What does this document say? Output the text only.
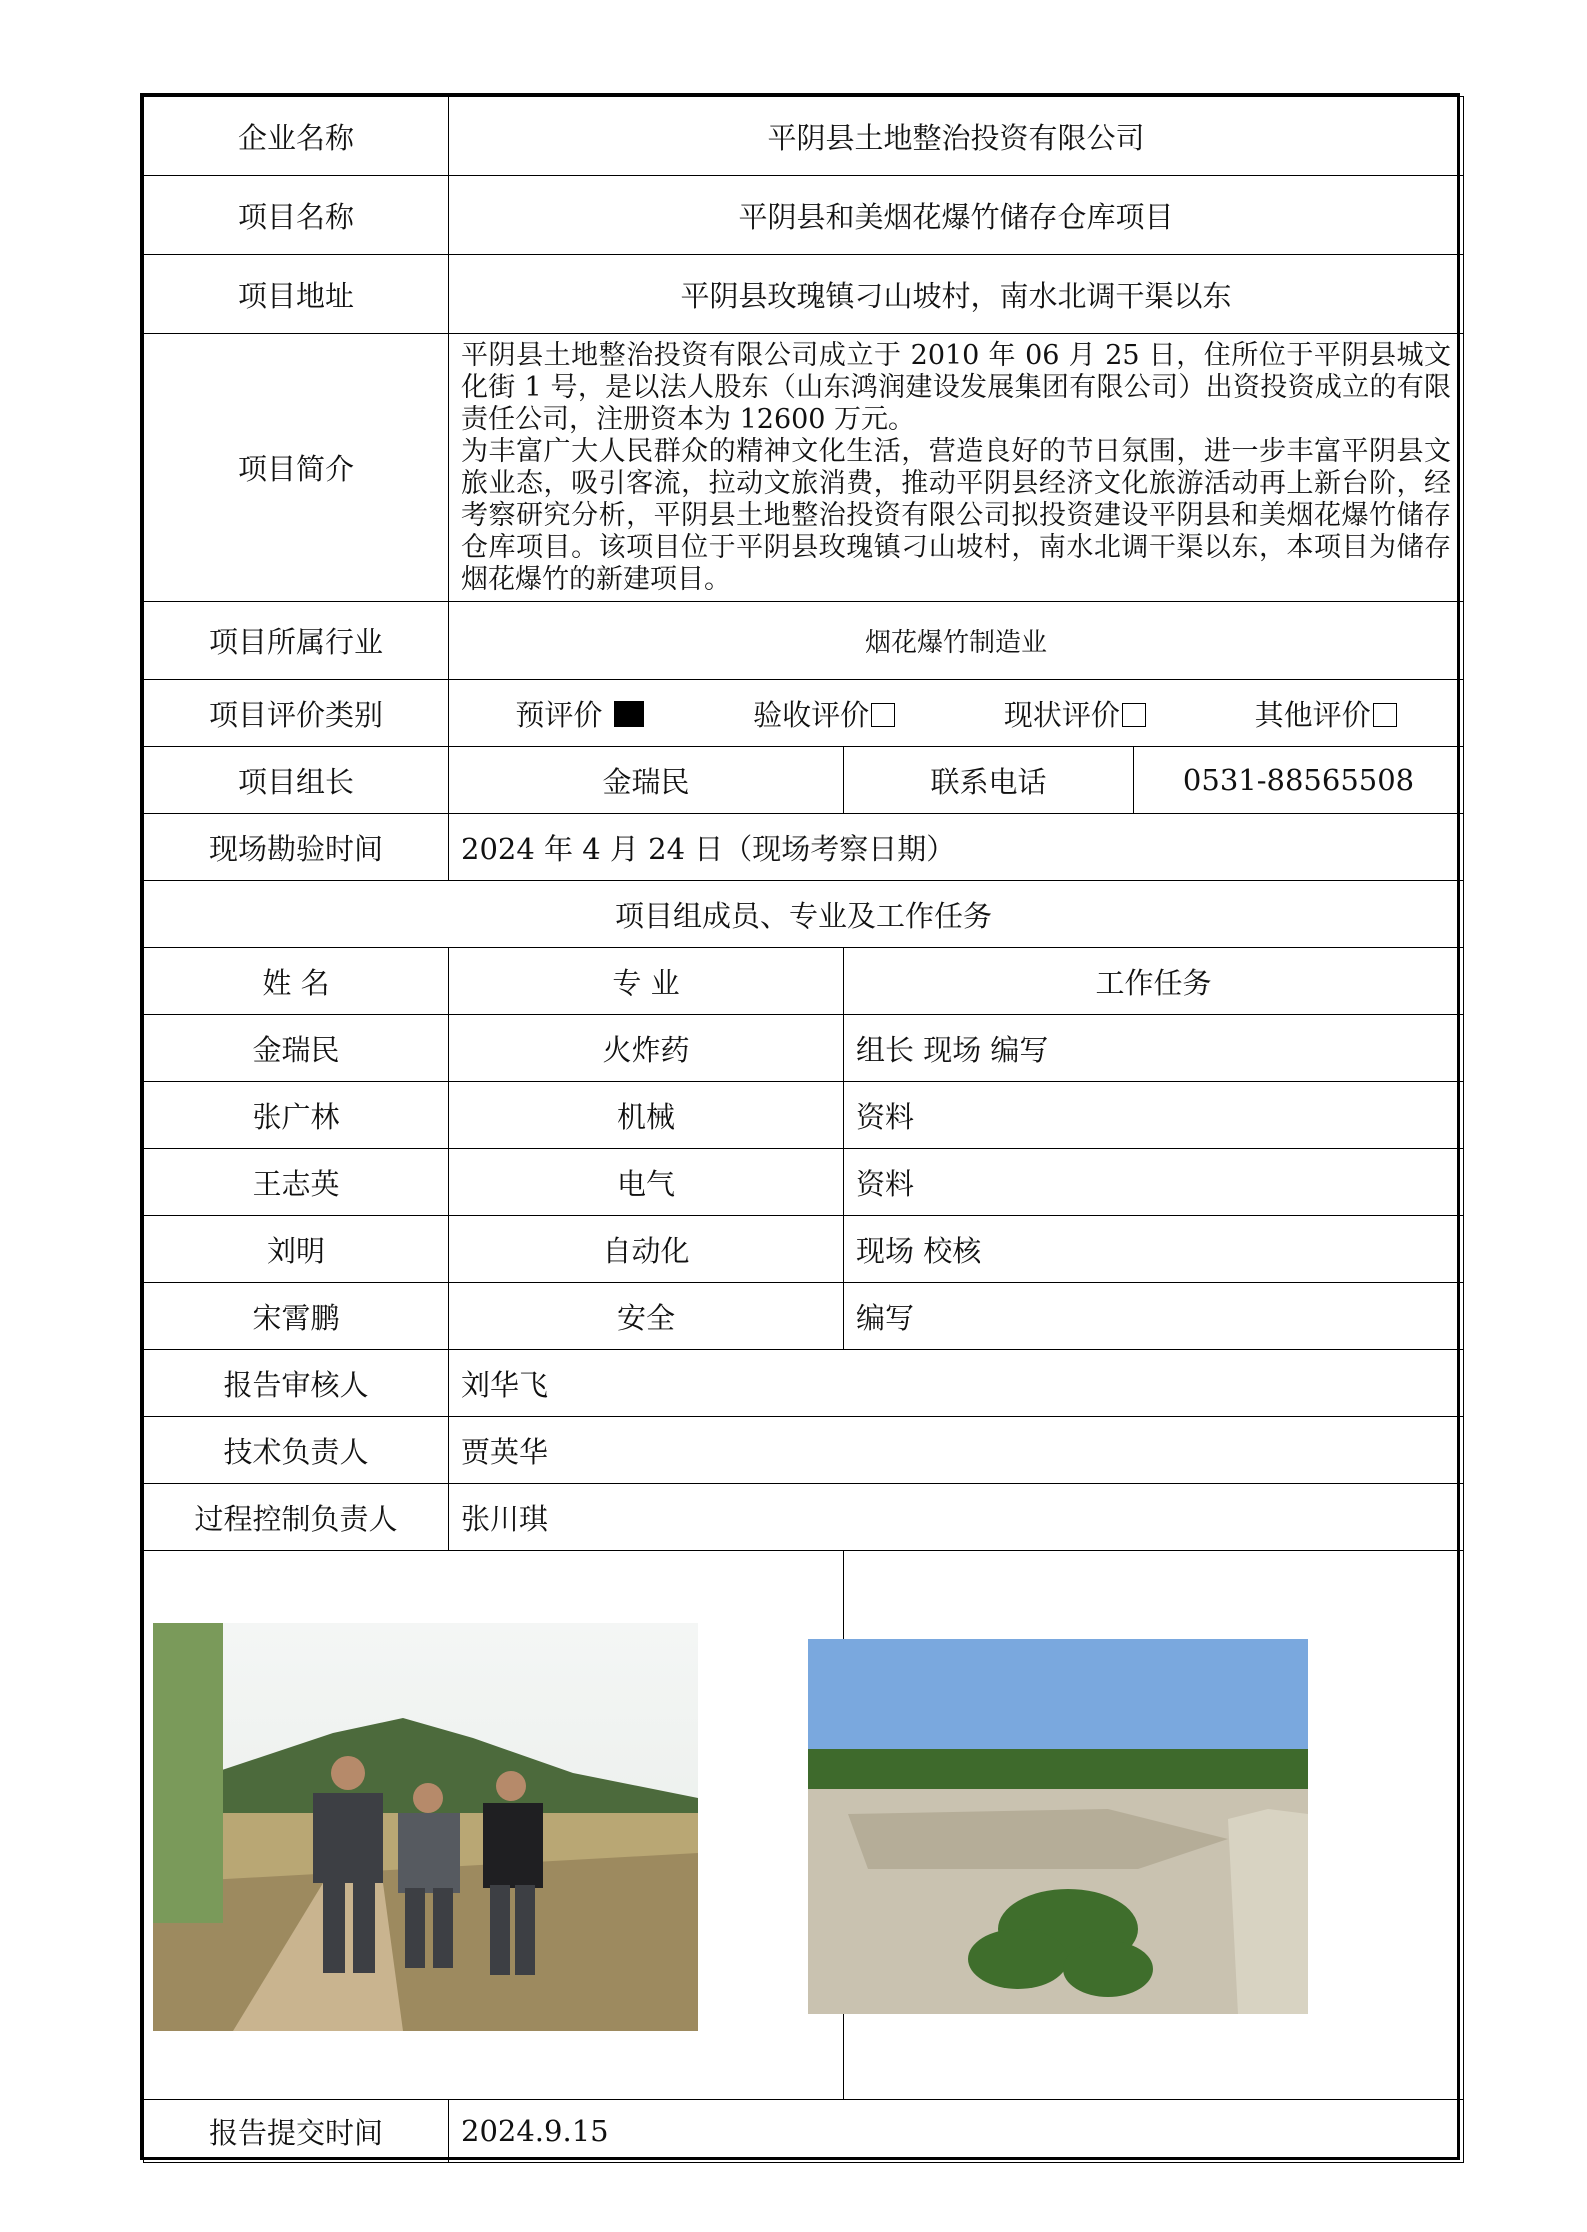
企业名称	平阴县土地整治投资有限公司		
项目名称	平阴县和美烟花爆竹储存仓库项目		
项目地址	平阴县玫瑰镇刁山坡村，南水北调干渠以东		
项目简介	平阴县土地整治投资有限公司成立于 2010 年 06 月 25 日，住所位于平阴县城文化街 1 号，是以法人股东（山东鸿润建设发展集团有限公司）出资投资成立的有限责任公司，注册资本为 12600 万元。
为丰富广大人民群众的精神文化生活，营造良好的节日氛围，进一步丰富平阴县文旅业态，吸引客流，拉动文旅消费，推动平阴县经济文化旅游活动再上新台阶，经考察研究分析，平阴县土地整治投资有限公司拟投资建设平阴县和美烟花爆竹储存仓库项目。该项目位于平阴县玫瑰镇刁山坡村，南水北调干渠以东，本项目为储存烟花爆竹的新建项目。		

项目所属行业	烟花爆竹制造业		
项目评价类别	预评价 验收评价 现状评价 其他评价		

项目组长	金瑞民	联系电话	0531-88565508
现场勘验时间	2024 年 4 月 24 日（现场考察日期）		
项目组成员、专业及工作任务			
姓 名	专 业	工作任务	
金瑞民	火炸药	组长 现场 编写	
张广林	机械	资料	
王志英	电气	资料	
刘明	自动化	现场 校核	
宋霄鹏	安全	编写	
报告审核人	刘华飞		
技术负责人	贾英华		
过程控制负责人	张川琪		

报告提交时间	2024.9.15		
